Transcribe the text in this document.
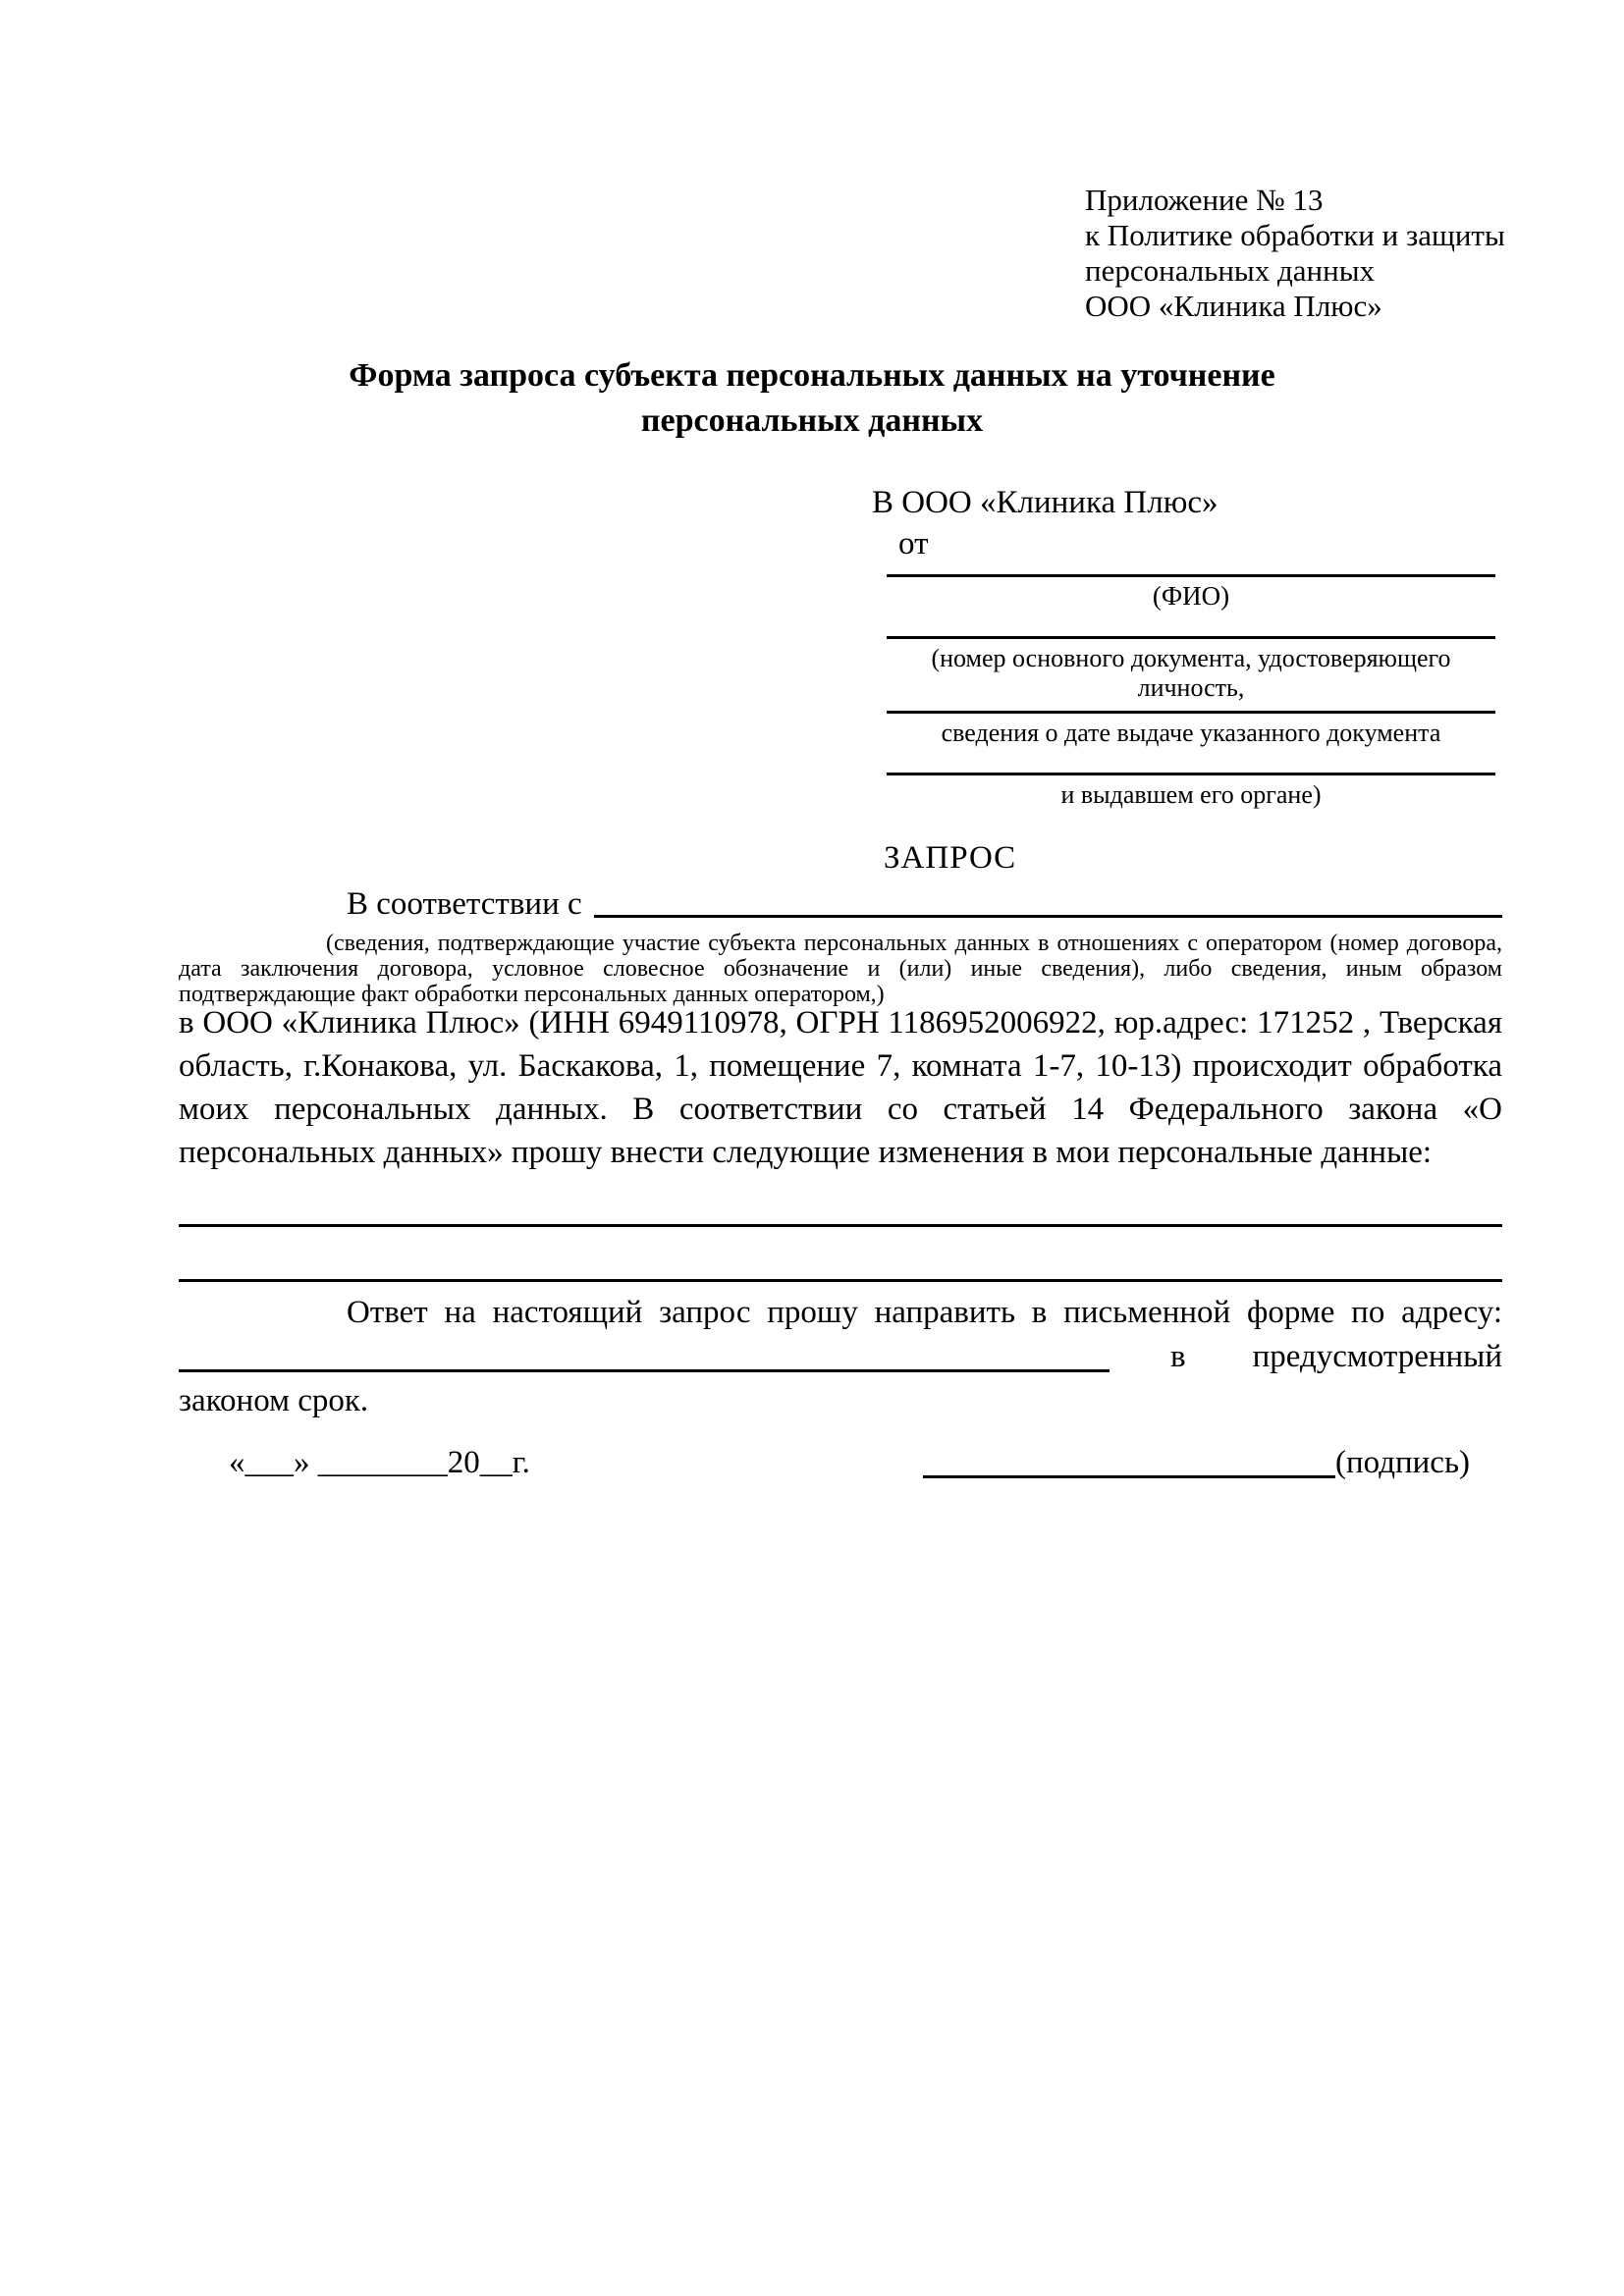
Приложение № 13
к Политике обработки и защиты
персональных данных
ООО «Клиника Плюс»
Форма запроса субъекта персональных данных на уточнение
персональных данных
В ООО «Клиника Плюс»
от
(ФИО)
(номер основного документа, удостоверяющего личность,
сведения о дате выдаче указанного документа
и выдавшем его органе)
ЗАПРОС
В соответствии с
(сведения, подтверждающие участие субъекта персональных данных в отношениях с оператором (номер договора, дата заключения договора, условное словесное обозначение и (или) иные сведения), либо сведения, иным образом подтверждающие факт обработки персональных данных оператором,)
в ООО «Клиника Плюс» (ИНН 6949110978, ОГРН 1186952006922, юр.адрес: 171252 , Тверская область, г.Конакова, ул. Баскакова, 1, помещение 7, комната 1-7, 10-13) происходит обработка моих персональных данных. В соответствии со статьей 14 Федерального закона «О персональных данных» прошу внести следующие изменения в мои персональные данные:
Ответ на настоящий запрос прошу направить в письменной форме по адресу:
в предусмотренный
законом срок.
«___» ________20__г.	(подпись)
